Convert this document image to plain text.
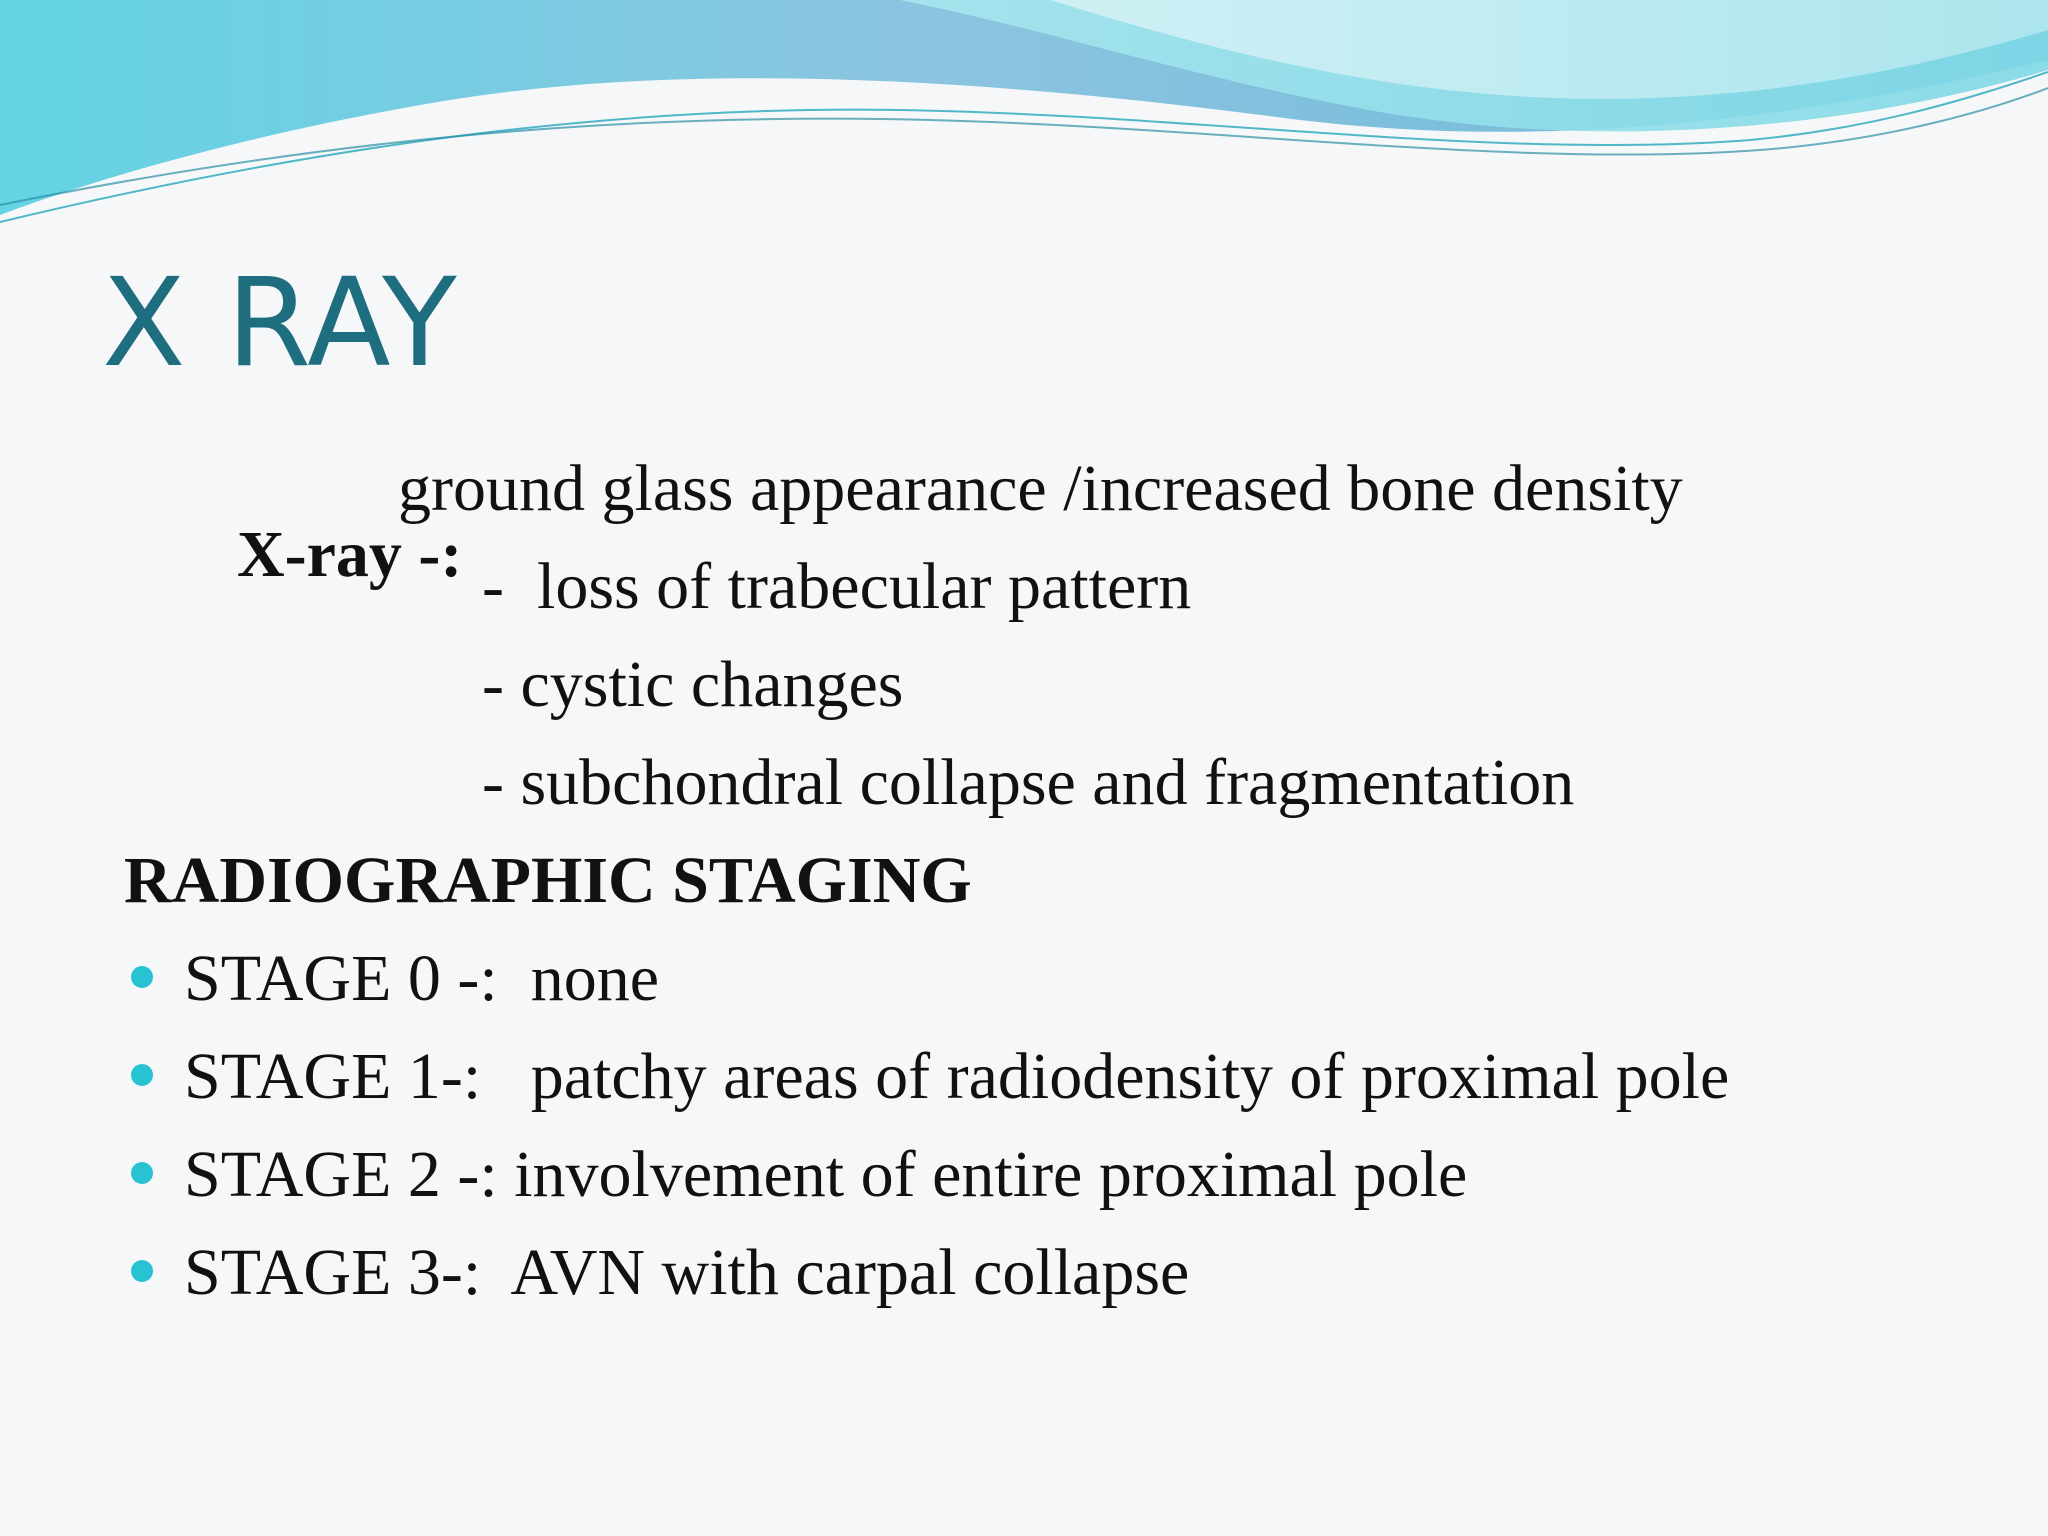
X RAY

X-ray -:

ground glass appearance /increased bone density
-  loss of trabecular pattern
- cystic changes
- subchondral collapse and fragmentation
RADIOGRAPHIC STAGING
STAGE 0 -:  none
STAGE 1-:   patchy areas of radiodensity of proximal pole
STAGE 2 -: involvement of entire proximal pole
STAGE 3-:  AVN with carpal collapse
